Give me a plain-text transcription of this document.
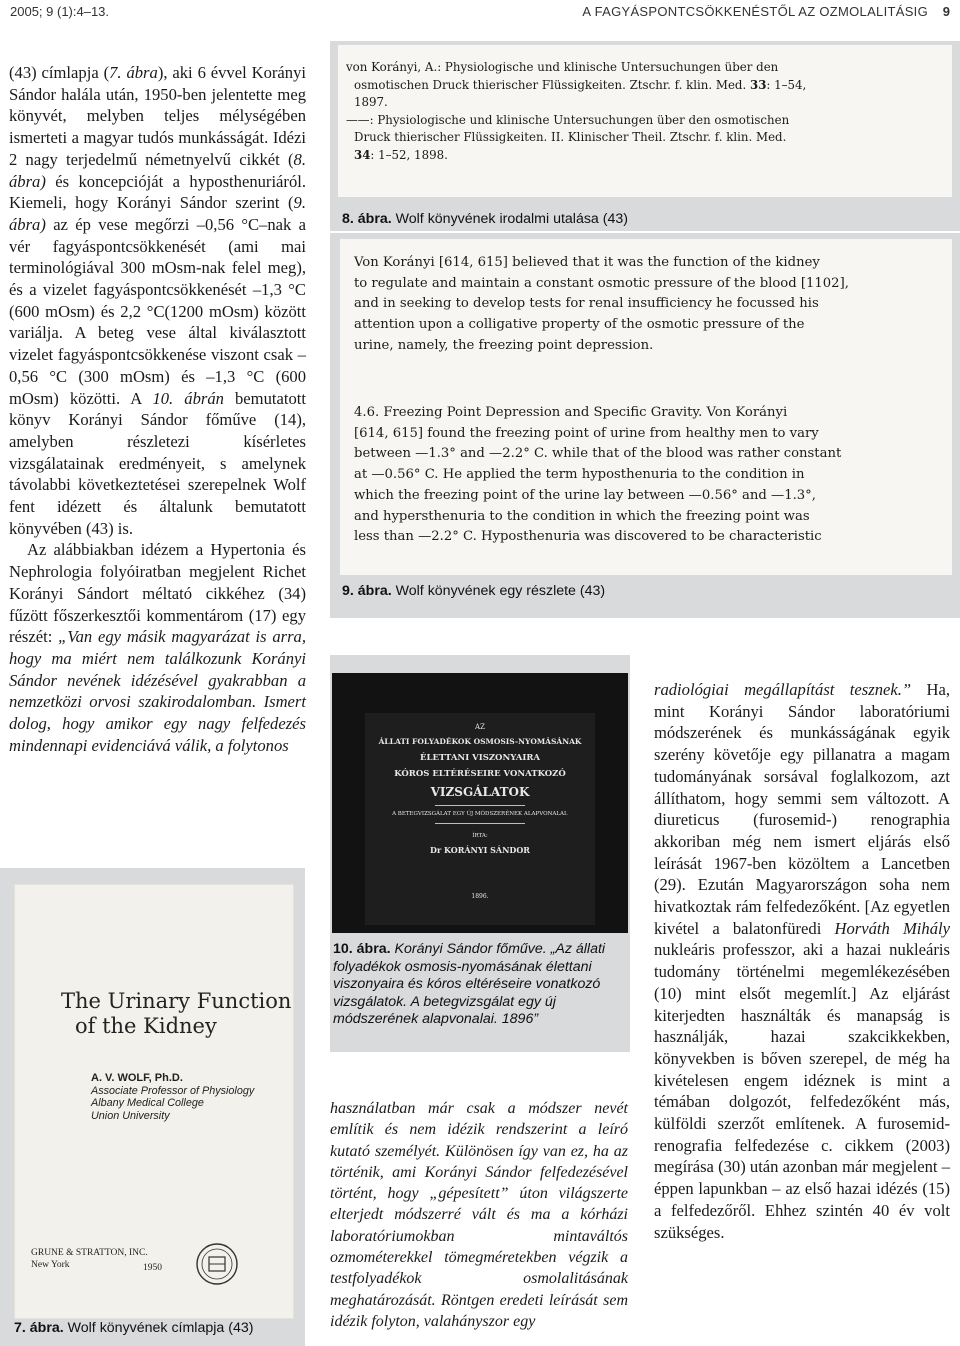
2005; 9 (1):4–13.	A FAGYÁSPONTCSÖKKENÉSTŐL AZ OZMOLALITÁSIG 9

(43) címlapja (7. ábra), aki 6 évvel Korányi Sándor halála után, 1950-ben jelentette meg könyvét, melyben teljes mélységében ismerteti a magyar tudós munkásságát. Idézi 2 nagy terjedelmű németnyelvű cikkét (8. ábra) és koncepcióját a hyposthenuriáról. Kiemeli, hogy Korányi Sándor szerint (9. ábra) az ép vese megőrzi –0,56 °C–nak a vér fagyáspontcsökkenését (ami mai terminológiával 300 mOsm-nak felel meg), és a vizelet fagyáspontcsökkenését –1,3 °C (600 mOsm) és 2,2 °C(1200 mOsm) között variálja. A beteg vese által kiválasztott vizelet fagyáspontcsökkenése viszont csak –0,56 °C (300 mOsm) és –1,3 °C (600 mOsm) közötti. A 10. ábrán bemutatott könyv Korányi Sándor főműve (14), amelyben részletezi kísérletes vizsgálatainak eredményeit, s amelynek távolabbi következtetései szerepelnek Wolf fent idézett és általunk bemutatott könyvében (43) is.

Az alábbiakban idézem a Hypertonia és Nephrologia folyóiratban megjelent Richet Korányi Sándort méltató cikkéhez (34) fűzött főszerkesztői kommentárom (17) egy részét: „Van egy másik magyarázat is arra, hogy ma miért nem találkozunk Korányi Sándor nevének idézésével gyakrabban a nemzetközi orvosi szakirodalomban. Ismert dolog, hogy amikor egy nagy felfedezés mindennapi evidenciává válik, a folytonos

használatban már csak a módszer nevét említik és nem idézik rendszerint a leíró kutató személyét. Különösen így van ez, ha az történik, ami Korányi Sándor felfedezésével történt, hogy „gépesített” úton világszerte elterjedt módszerré vált és ma a kórházi laboratóriumokban mintaváltós ozmométerekkel tömegméretekben végzik a testfolyadékok osmolalitásának meghatározását. Röntgen eredeti leírását sem idézik folyton, valahányszor egy

radiológiai megállapítást tesznek.” Ha, mint Korányi Sándor laboratóriumi módszerének és munkásságának egyik szerény követője egy pillanatra a magam tudományának sorsával foglalkozom, azt állíthatom, hogy semmi sem változott. A diureticus (furosemid-) renographia akkoriban még nem ismert eljárás első leírását 1967-ben közöltem a Lancetben (29). Ezután Magyarországon soha nem hivatkoztak rám felfedezőként. [Az egyetlen kivétel a balatonfüredi Horváth Mihály nukleáris professzor, aki a hazai nukleáris tudomány történelmi megemlékezésében (10) mint elsőt megemlít.] Az eljárást kiterjedten használták és manapság is használják, hazai szakcikkekben, könyvekben is bőven szerepel, de még ha kivételesen engem idéznek is mint a témában dolgozót, felfedezőként más, külföldi szerzőt említenek. A furosemid-renografia felfedezése c. cikkem (2003) megírása (30) után azonban már megjelent – éppen lapunkban – az első hazai idézés (15) a felfedezőről. Ehhez szintén 40 év volt szükséges.

The Urinary Function
of the Kidney
A. V. WOLF, Ph.D.
Associate Professor of Physiology
Albany Medical College
Union University
GRUNE & STRATTON, INC.
New York	1950
7. ábra. Wolf könyvének címlapja (43)
von Korányi, A.: Physiologische und klinische Untersuchungen über den
osmotischen Druck thierischer Flüssigkeiten. Ztschr. f. klin. Med. 33: 1–54,
1897.
——: Physiologische und klinische Untersuchungen über den osmotischen
Druck thierischer Flüssigkeiten. II. Klinischer Theil. Ztschr. f. klin. Med.
34: 1–52, 1898.
8. ábra. Wolf könyvének irodalmi utalása (43)
Von Korányi [614, 615] believed that it was the function of the kidney
to regulate and maintain a constant osmotic pressure of the blood [1102],
and in seeking to develop tests for renal insufficiency he focussed his
attention upon a colligative property of the osmotic pressure of the
urine, namely, the freezing point depression.
4.6. Freezing Point Depression and Specific Gravity. Von Korányi
[614, 615] found the freezing point of urine from healthy men to vary
between —1.3° and —2.2° C. while that of the blood was rather constant
at —0.56° C. He applied the term hyposthenuria to the condition in
which the freezing point of the urine lay between —0.56° and —1.3°,
and hypersthenuria to the condition in which the freezing point was
less than —2.2° C. Hyposthenuria was discovered to be characteristic
9. ábra. Wolf könyvének egy részlete (43)
AZ
ÁLLATI FOLYADÉKOK OSMOSIS-NYOMÁSÁNAK
ÉLETTANI VISZONYAIRA
KÓROS ELTÉRÉSEIRE VONATKOZÓ
VIZSGÁLATOK
A BETEGVIZSGÁLAT EGY ÚJ MÓDSZERÉNEK ALAPVONALAI.
ÍRTA:
Dr KORÁNYI SÁNDOR
1896.
10. ábra. Korányi Sándor főműve. „Az állati folyadékok osmosis-nyomásának élettani viszonyaira és kóros eltéréseire vonatkozó vizsgálatok. A betegvizsgálat egy új módszerének alapvonalai. 1896”
